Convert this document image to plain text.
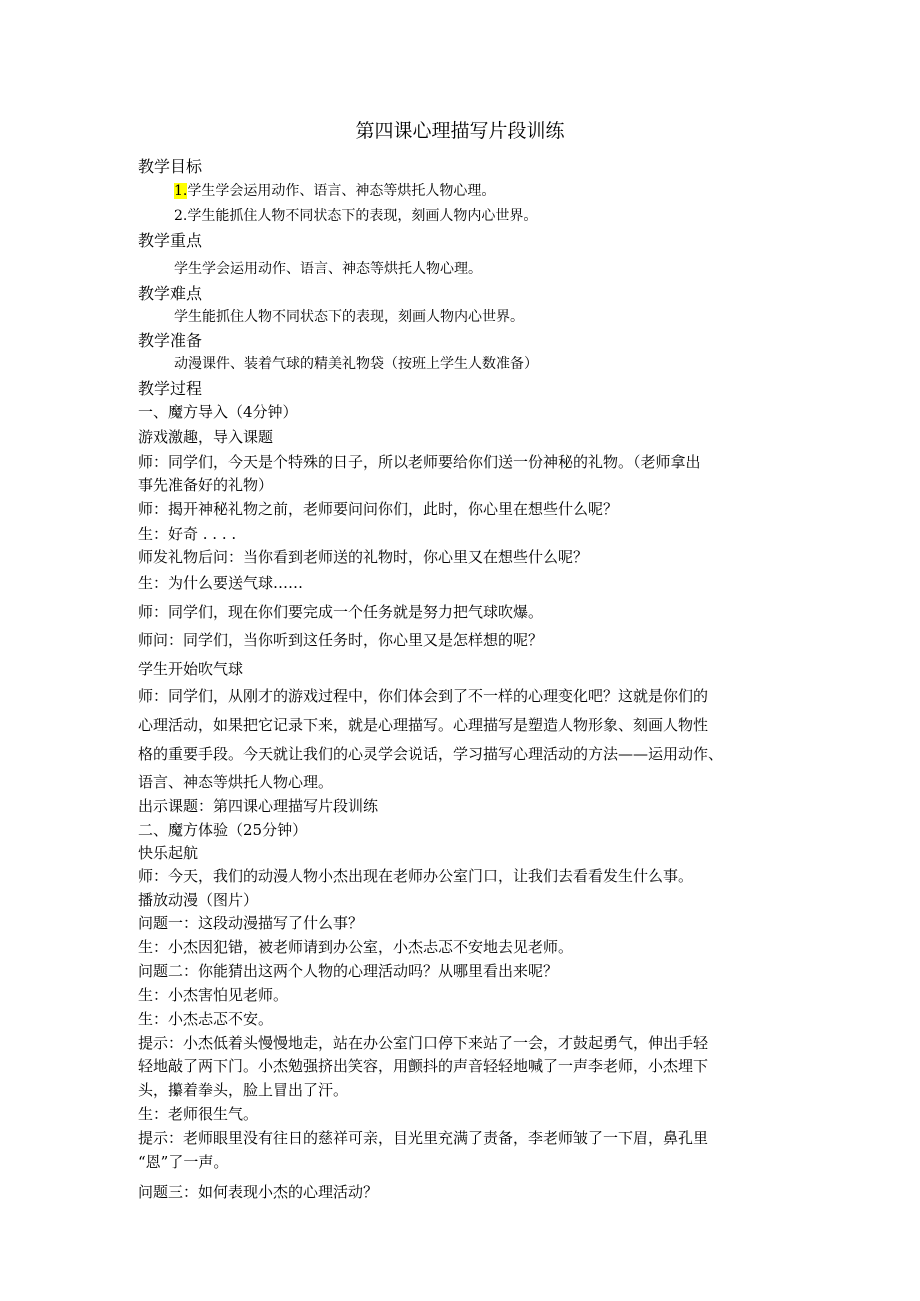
第四课心理描写片段训练
教学目标
1.学生学会运用动作、语言、神态等烘托人物心理。
2.学生能抓住人物不同状态下的表现，刻画人物内心世界。
教学重点
学生学会运用动作、语言、神态等烘托人物心理。
教学难点
学生能抓住人物不同状态下的表现，刻画人物内心世界。
教学准备
动漫课件、装着气球的精美礼物袋（按班上学生人数准备）
教学过程
一、魔方导入（4分钟）
游戏激趣，导入课题
师：同学们，今天是个特殊的日子，所以老师要给你们送一份神秘的礼物。（老师拿出
事先准备好的礼物）
师：揭开神秘礼物之前，老师要问问你们，此时，你心里在想些什么呢？
生：好奇 . . . .
师发礼物后问：当你看到老师送的礼物时，你心里又在想些什么呢？
生：为什么要送气球……
师：同学们，现在你们要完成一个任务就是努力把气球吹爆。
师问：同学们，当你听到这任务时，你心里又是怎样想的呢？
学生开始吹气球
师：同学们，从刚才的游戏过程中，你们体会到了不一样的心理变化吧？这就是你们的
心理活动，如果把它记录下来，就是心理描写。心理描写是塑造人物形象、刻画人物性
格的重要手段。今天就让我们的心灵学会说话，学习描写心理活动的方法——运用动作、
语言、神态等烘托人物心理。
出示课题：第四课心理描写片段训练
二、魔方体验（25分钟）
快乐起航
师：今天，我们的动漫人物小杰出现在老师办公室门口，让我们去看看发生什么事。
播放动漫（图片）
问题一：这段动漫描写了什么事？
生：小杰因犯错，被老师请到办公室，小杰忐忑不安地去见老师。
问题二：你能猜出这两个人物的心理活动吗？从哪里看出来呢？
生：小杰害怕见老师。
生：小杰忐忑不安。
提示：小杰低着头慢慢地走，站在办公室门口停下来站了一会，才鼓起勇气，伸出手轻
轻地敲了两下门。小杰勉强挤出笑容，用颤抖的声音轻轻地喊了一声李老师，小杰埋下
头，攥着拳头，脸上冒出了汗。
生：老师很生气。
提示：老师眼里没有往日的慈祥可亲，目光里充满了责备，李老师皱了一下眉，鼻孔里
“恩”了一声。
问题三：如何表现小杰的心理活动？
